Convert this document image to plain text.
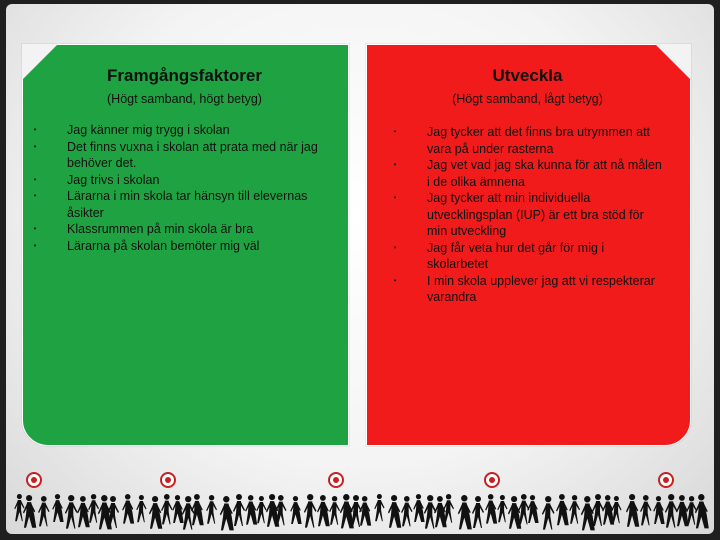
Framgångsfaktorer
(Högt samband, högt betyg)
• Jag känner mig trygg i skolan
• Det finns vuxna i skolan att prata med när jag behöver det.
• Jag trivs i skolan
• Lärarna i min skola tar hänsyn till elevernas åsikter
• Klassrummen på min skola är bra
• Lärarna på skolan bemöter mig väl
Utveckla
(Högt samband, lågt betyg)
• Jag tycker att det finns bra utrymmen att vara på under rasterna
• Jag vet vad jag ska kunna för att nå målen i de olika ämnena
• Jag tycker att min individuella utvecklingsplan (IUP) är ett bra stöd för min utveckling
• Jag får veta hur det går för mig i skolarbetet
• I min skola upplever jag att vi respekterar varandra
